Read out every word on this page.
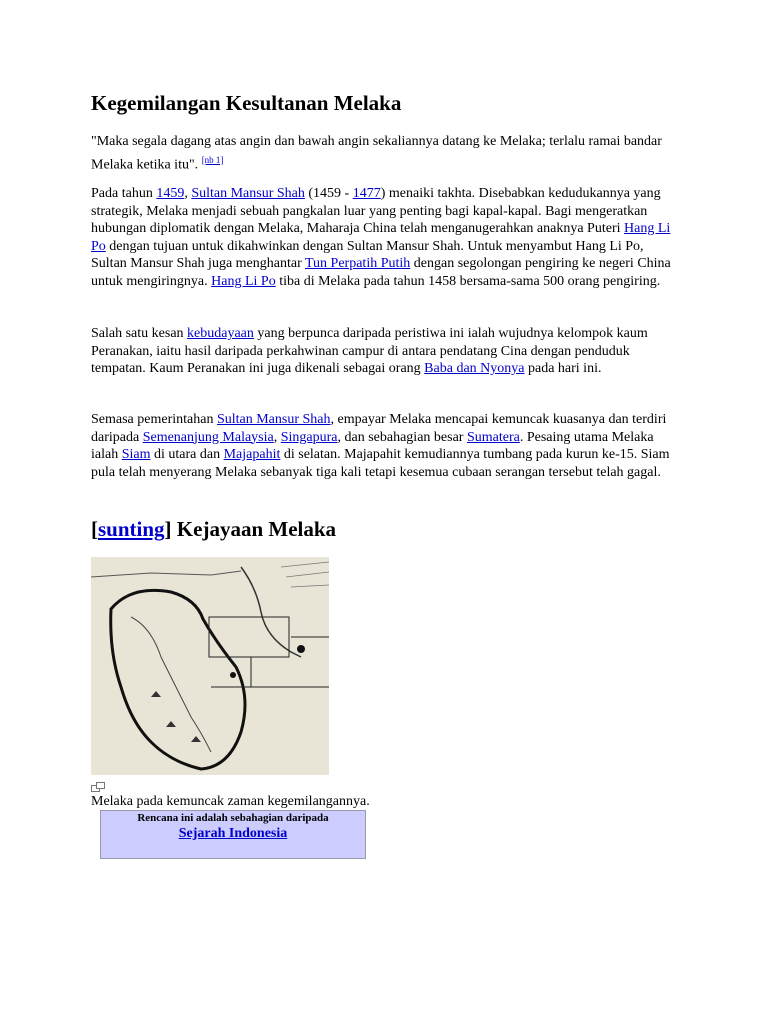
Kegemilangan Kesultanan Melaka

"Maka segala dagang atas angin dan bawah angin sekaliannya datang ke Melaka; terlalu ramai bandar Melaka ketika itu". [nb 1]

Pada tahun 1459, Sultan Mansur Shah (1459 - 1477) menaiki takhta. Disebabkan kedudukannya yang strategik, Melaka menjadi sebuah pangkalan luar yang penting bagi kapal-kapal. Bagi mengeratkan hubungan diplomatik dengan Melaka, Maharaja China telah menganugerahkan anaknya Puteri Hang Li Po dengan tujuan untuk dikahwinkan dengan Sultan Mansur Shah. Untuk menyambut Hang Li Po, Sultan Mansur Shah juga menghantar Tun Perpatih Putih dengan segolongan pengiring ke negeri China untuk mengiringnya. Hang Li Po tiba di Melaka pada tahun 1458 bersama-sama 500 orang pengiring.

Salah satu kesan kebudayaan yang berpunca daripada peristiwa ini ialah wujudnya kelompok kaum Peranakan, iaitu hasil daripada perkahwinan campur di antara pendatang Cina dengan penduduk tempatan. Kaum Peranakan ini juga dikenali sebagai orang Baba dan Nyonya pada hari ini.

Semasa pemerintahan Sultan Mansur Shah, empayar Melaka mencapai kemuncak kuasanya dan terdiri daripada Semenanjung Malaysia, Singapura, dan sebahagian besar Sumatera. Pesaing utama Melaka ialah Siam di utara dan Majapahit di selatan. Majapahit kemudiannya tumbang pada kurun ke-15. Siam pula telah menyerang Melaka sebanyak tiga kali tetapi kesemua cubaan serangan tersebut telah gagal.

[sunting] Kejayaan Melaka
Melaka pada kemuncak zaman kegemilangannya.
Rencana ini adalah sebahagian daripada
Sejarah Indonesia
